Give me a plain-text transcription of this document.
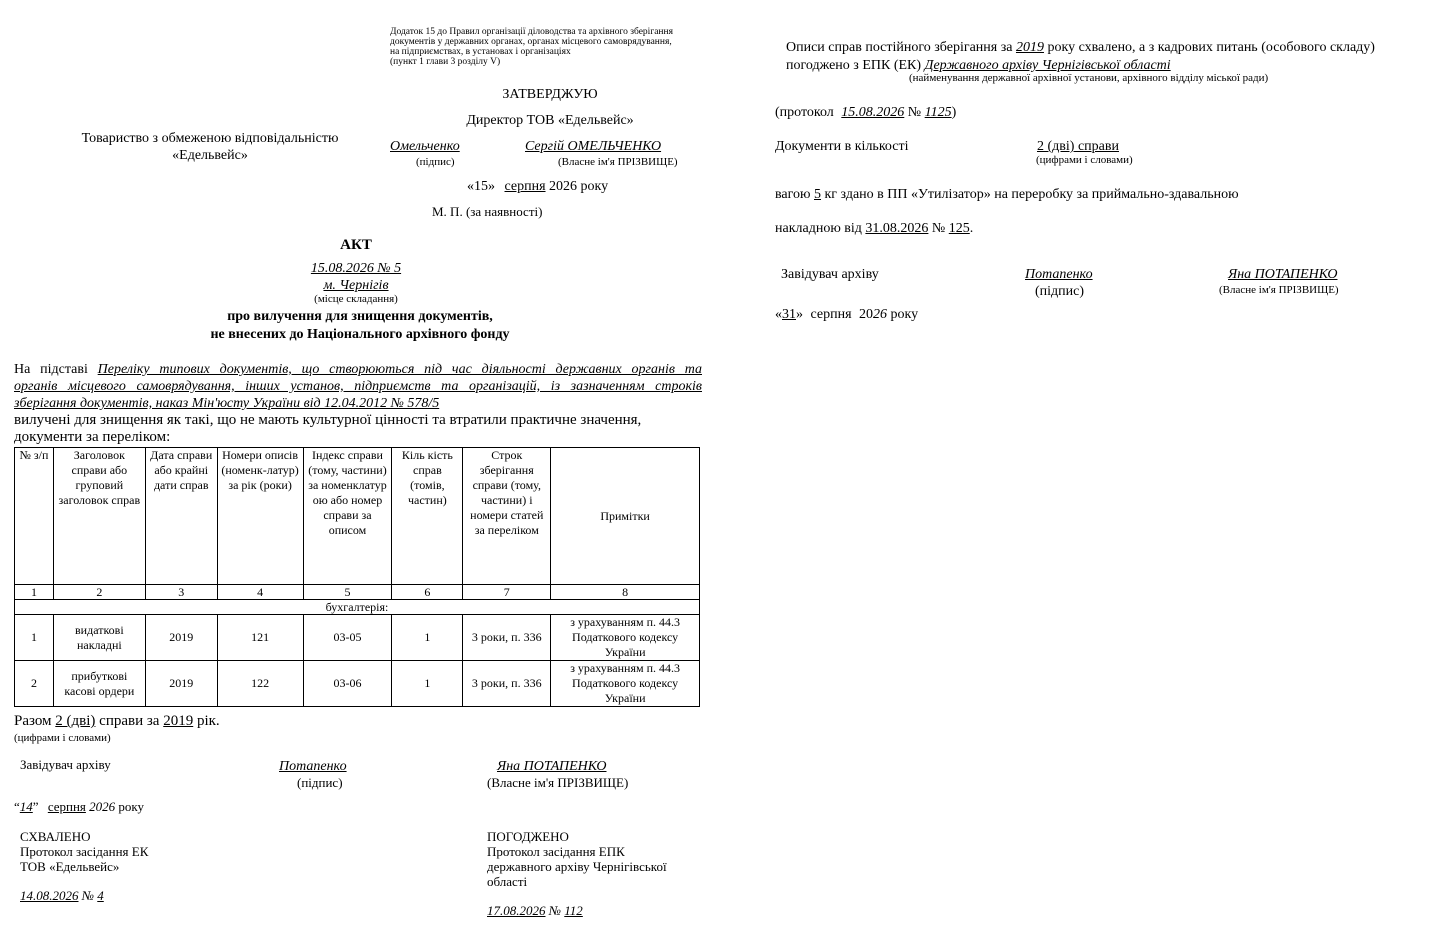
Товариство з обмеженою відповідальністю
«Едельвейс»
Додаток 15 до Правил організації діловодства та архівного зберігання
документів у державних органах, органах місцевого самоврядування,
на підприємствах, в установах і організаціях
(пункт 1 глави 3 розділу V)
ЗАТВЕРДЖУЮ
Директор ТОВ «Едельвейс»
Омельченко	Сергій ОМЕЛЬЧЕНКО
(підпис)	(Власне ім'я ПРІЗВИЩЕ)
«15» серпня 2026 року
М. П. (за наявності)
АКТ
15.08.2026 № 5
м. Чернігів
(місце складання)
про вилучення для знищення документів,
не внесених до Національного архівного фонду
На підставі Переліку типових документів, що створюються під час діяльності державних органів та
органів місцевого самоврядування, інших установ, підприємств та організацій, із зазначенням строків
зберігання документів, наказ Мін'юсту України від 12.04.2012 № 578/5
вилучені для знищення як такі, що не мають культурної цінності та втратили практичне значення,
документи за переліком:
№ з/п	Заголовок справи або груповий заголовок справ	Дата справи або крайні дати справ	Номери описів (номенк-латур) за рік (роки)	Індекс справи (тому, частини) за номенклатур ою або номер справи за описом	Кіль кість справ (томів, частин)	Строк зберігання справи (тому, частини) і номери статей за переліком	Примітки
1	2	3	4	5	6	7	8
бухгалтерія:							
1	видаткові накладні	2019	121	03-05	1	3 роки, п. 336	з урахуванням п. 44.3 Податкового кодексу України
2	прибуткові касові ордери	2019	122	03-06	1	3 роки, п. 336	з урахуванням п. 44.3 Податкового кодексу України
Разом 2 (дві) справи за 2019 рік.
(цифрами і словами)
Завідувач архіву	Потапенко
(підпис)
Яна ПОТАПЕНКО
(Власне ім'я ПРІЗВИЩЕ)
“14” серпня 2026 року
СХВАЛЕНО
Протокол засідання ЕК
ТОВ «Едельвейс»
14.08.2026 № 4
ПОГОДЖЕНО
Протокол засідання ЕПК
державного архіву Чернігівської
області
17.08.2026 № 112
Описи справ постійного зберігання за 2019 року схвалено, а з кадрових питань (особового складу)
погоджено з ЕПК (ЕК) Державного архіву Чернігівської області
(найменування державної архівної установи, архівного відділу міської ради)
(протокол 15.08.2026 № 1125)
Документи в кількості	2 (дві) справи
(цифрами і словами)
вагою 5 кг здано в ПП «Утилізатор» на переробку за приймально-здавальною
накладною від 31.08.2026 № 125.
Завідувач архіву	Потапенко
(підпис)
Яна ПОТАПЕНКО
(Власне ім'я ПРІЗВИЩЕ)
«31» серпня 2026 року
